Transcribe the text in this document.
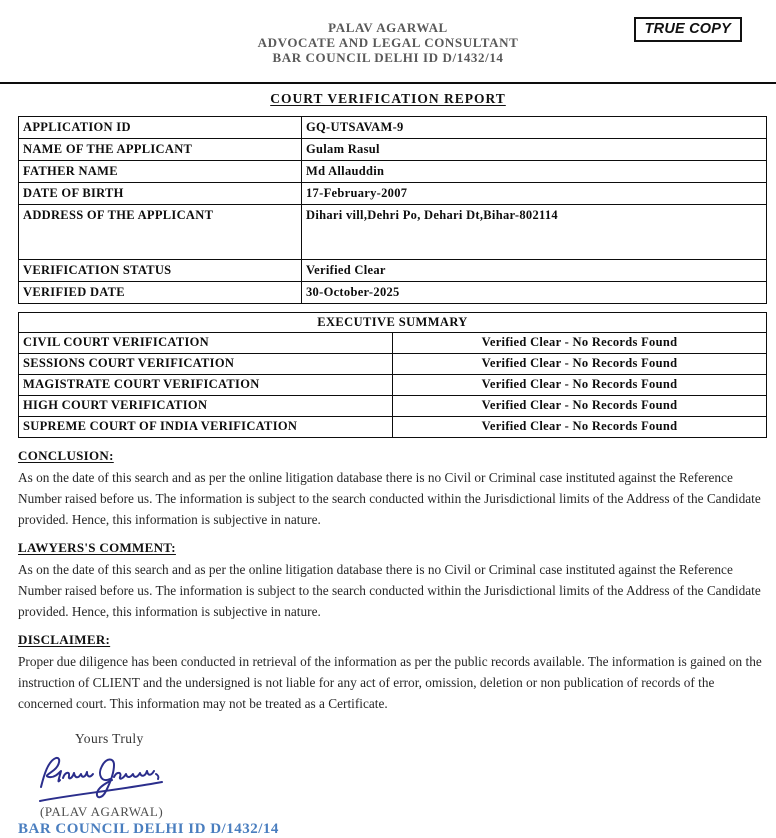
PALAV AGARWAL
ADVOCATE AND LEGAL CONSULTANT
BAR COUNCIL DELHI ID D/1432/14
TRUE COPY
COURT VERIFICATION REPORT
APPLICATION ID	GQ-UTSAVAM-9
NAME OF THE APPLICANT	Gulam Rasul
FATHER NAME	Md Allauddin
DATE OF BIRTH	17-February-2007
ADDRESS OF THE APPLICANT	Dihari vill,Dehri Po, Dehari Dt,Bihar-802114
VERIFICATION STATUS	Verified Clear
VERIFIED DATE	30-October-2025
EXECUTIVE SUMMARY	
CIVIL COURT VERIFICATION	Verified Clear - No Records Found
SESSIONS COURT VERIFICATION	Verified Clear - No Records Found
MAGISTRATE COURT VERIFICATION	Verified Clear - No Records Found
HIGH COURT VERIFICATION	Verified Clear - No Records Found
SUPREME COURT OF INDIA VERIFICATION	Verified Clear - No Records Found
CONCLUSION:
As on the date of this search and as per the online litigation database there is no Civil or Criminal case instituted against the Reference Number raised before us. The information is subject to the search conducted within the Jurisdictional limits of the Address of the Candidate provided. Hence, this information is subjective in nature.
LAWYERS'S COMMENT:
As on the date of this search and as per the online litigation database there is no Civil or Criminal case instituted against the Reference Number raised before us. The information is subject to the search conducted within the Jurisdictional limits of the Address of the Candidate provided. Hence, this information is subjective in nature.
DISCLAIMER:
Proper due diligence has been conducted in retrieval of the information as per the public records available. The information is gained on the instruction of CLIENT and the undersigned is not liable for any act of error, omission, deletion or non publication of records of the concerned court. This information may not be treated as a Certificate.
Yours Truly
(PALAV AGARWAL)
BAR COUNCIL DELHI ID D/1432/14
